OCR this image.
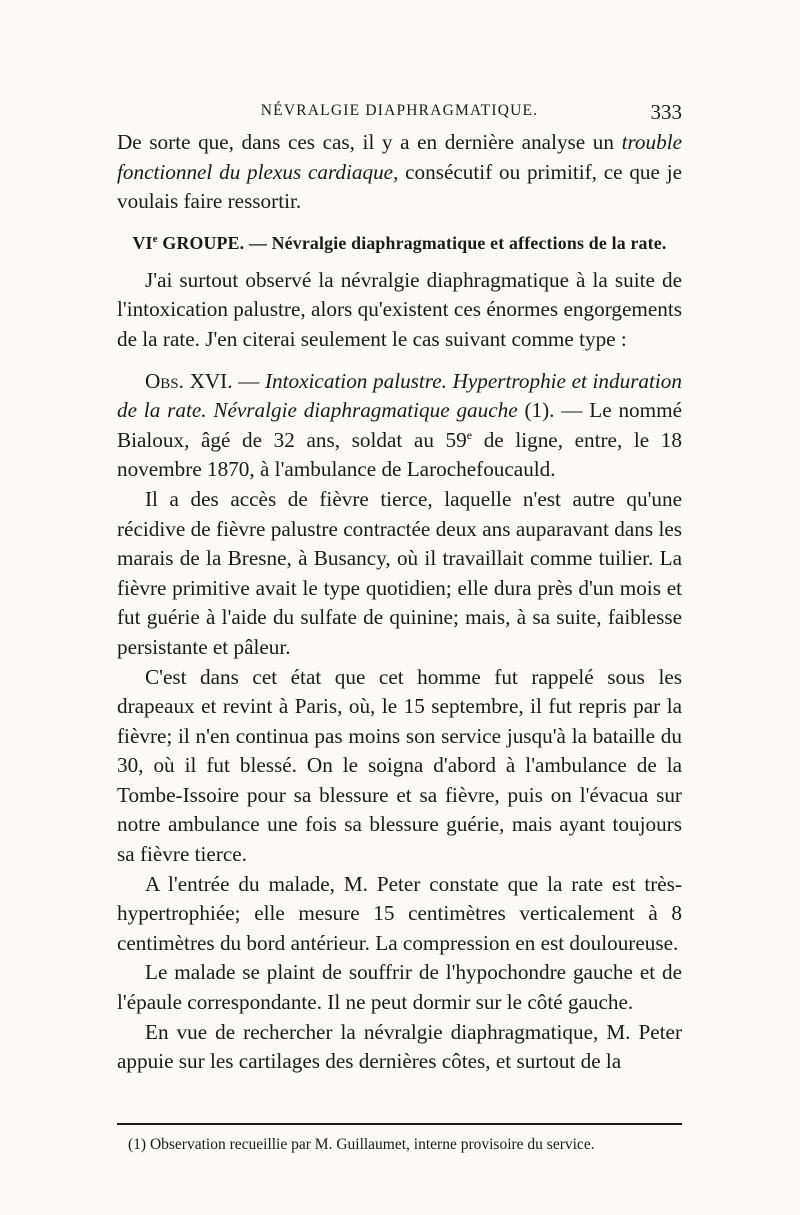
NÉVRALGIE DIAPHRAGMATIQUE.	333

De sorte que, dans ces cas, il y a en dernière analyse un trouble fonctionnel du plexus cardiaque, consécutif ou primitif, ce que je voulais faire ressortir.

VIe GROUPE. — Névralgie diaphragmatique et affections de la rate.

J'ai surtout observé la névralgie diaphragmatique à la suite de l'intoxication palustre, alors qu'existent ces énormes engorgements de la rate. J'en citerai seulement le cas suivant comme type :

Obs. XVI. — Intoxication palustre. Hypertrophie et induration de la rate. Névralgie diaphragmatique gauche (1). — Le nommé Bialoux, âgé de 32 ans, soldat au 59e de ligne, entre, le 18 novembre 1870, à l'ambulance de Larochefoucauld.

Il a des accès de fièvre tierce, laquelle n'est autre qu'une récidive de fièvre palustre contractée deux ans auparavant dans les marais de la Bresne, à Busancy, où il travaillait comme tuilier. La fièvre primitive avait le type quotidien; elle dura près d'un mois et fut guérie à l'aide du sulfate de quinine; mais, à sa suite, faiblesse persistante et pâleur.

C'est dans cet état que cet homme fut rappelé sous les drapeaux et revint à Paris, où, le 15 septembre, il fut repris par la fièvre; il n'en continua pas moins son service jusqu'à la bataille du 30, où il fut blessé. On le soigna d'abord à l'ambulance de la Tombe-Issoire pour sa blessure et sa fièvre, puis on l'évacua sur notre ambulance une fois sa blessure guérie, mais ayant toujours sa fièvre tierce.

A l'entrée du malade, M. Peter constate que la rate est très-hypertrophiée; elle mesure 15 centimètres verticalement à 8 centimètres du bord antérieur. La compression en est douloureuse.

Le malade se plaint de souffrir de l'hypochondre gauche et de l'épaule correspondante. Il ne peut dormir sur le côté gauche.

En vue de rechercher la névralgie diaphragmatique, M. Peter appuie sur les cartilages des dernières côtes, et surtout de la

(1) Observation recueillie par M. Guillaumet, interne provisoire du service.
